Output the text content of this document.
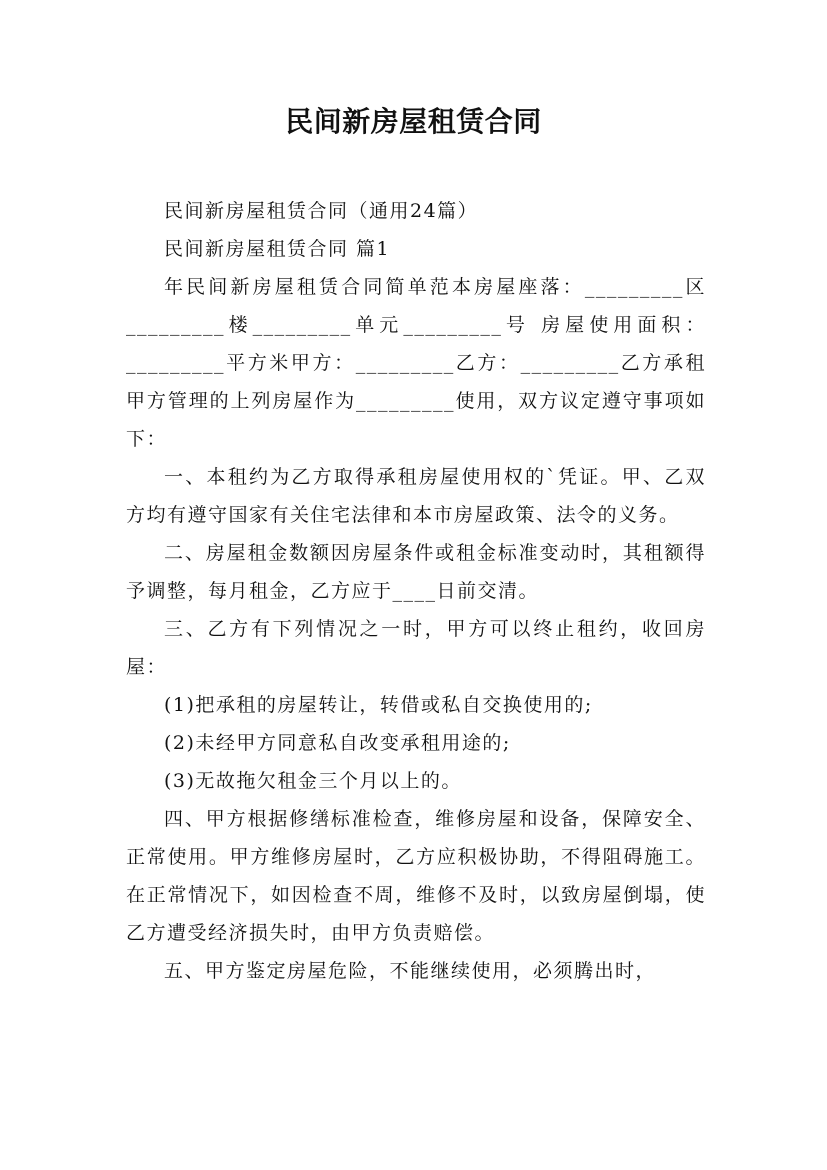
民间新房屋租赁合同

民间新房屋租赁合同（通用24篇）

民间新房屋租赁合同 篇1

年民间新房屋租赁合同简单范本房屋座落：_________区_________楼_________单元_________号 房屋使用面积：_________平方米甲方：_________乙方：_________乙方承租甲方管理的上列房屋作为_________使用，双方议定遵守事项如下：

一、本租约为乙方取得承租房屋使用权的`凭证。甲、乙双方均有遵守国家有关住宅法律和本市房屋政策、法令的义务。

二、房屋租金数额因房屋条件或租金标准变动时，其租额得予调整，每月租金，乙方应于____日前交清。

三、乙方有下列情况之一时，甲方可以终止租约，收回房屋：

(1)把承租的房屋转让，转借或私自交换使用的;

(2)未经甲方同意私自改变承租用途的;

(3)无故拖欠租金三个月以上的。

四、甲方根据修缮标准检查，维修房屋和设备，保障安全、正常使用。甲方维修房屋时，乙方应积极协助，不得阻碍施工。在正常情况下，如因检查不周，维修不及时，以致房屋倒塌，使乙方遭受经济损失时，由甲方负责赔偿。

五、甲方鉴定房屋危险，不能继续使用，必须腾出时，
